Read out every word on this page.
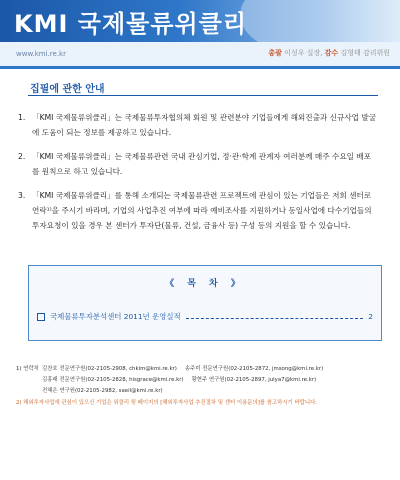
KMI 국제물류위클리
www.kmi.re.kr	총괄 이성우 실장, 감수 김형태 감리위원
집필에 관한 안내
1. 「KMI 국제물류위클리」는 국제물류투자협의체 회원 및 관련분야 기업들에게 해외진출과 신규사업 발굴에 도움이 되는 정보를 제공하고 있습니다.
2. 「KMI 국제물류위클리」는 국제물류관련 국내 관심기업, 정·관·학계 관계자 여러분께 매주 수요일 배포를 원칙으로 하고 있습니다.
3. 「KMI 국제물류위클리」를 통해 소개되는 국제물류관련 프로젝트에 관심이 있는 기업들은 저희 센터로 연락¹⁾을 주시기 바라며, 기업의 사업추진 여부에 따라 예비조사를 지원하거나 동일사업에 다수기업들의 투자요청이 있을 경우 본 센터가 투자단(물류, 건설, 금융사 등) 구성 등의 지원을 할 수 있습니다.
《 목 차 》
국제물류투자분석센터 2011년 운영실적	2
1) 연락처 김찬호 전문연구원(02-2105-2908, chkim@kmi.re.kr) 송주미 전문연구원(02-2105-2872, jmsong@kmi.re.kr)
김홍래 전문연구원(02-2105-2828, hisgrace@kmi.re.kr) 황현주 연구원(02-2105-2897, julya7@kmi.re.kr)
전혜은 연구원(02-2105-2982, saeil@kmi.re.kr)
2) 해외투자사업에 관심이 있으신 기업은 위클리 뒷 페이지의 [해외투자사업 추진절차 및 센터 이용문의]를 참고하시기 바랍니다.
